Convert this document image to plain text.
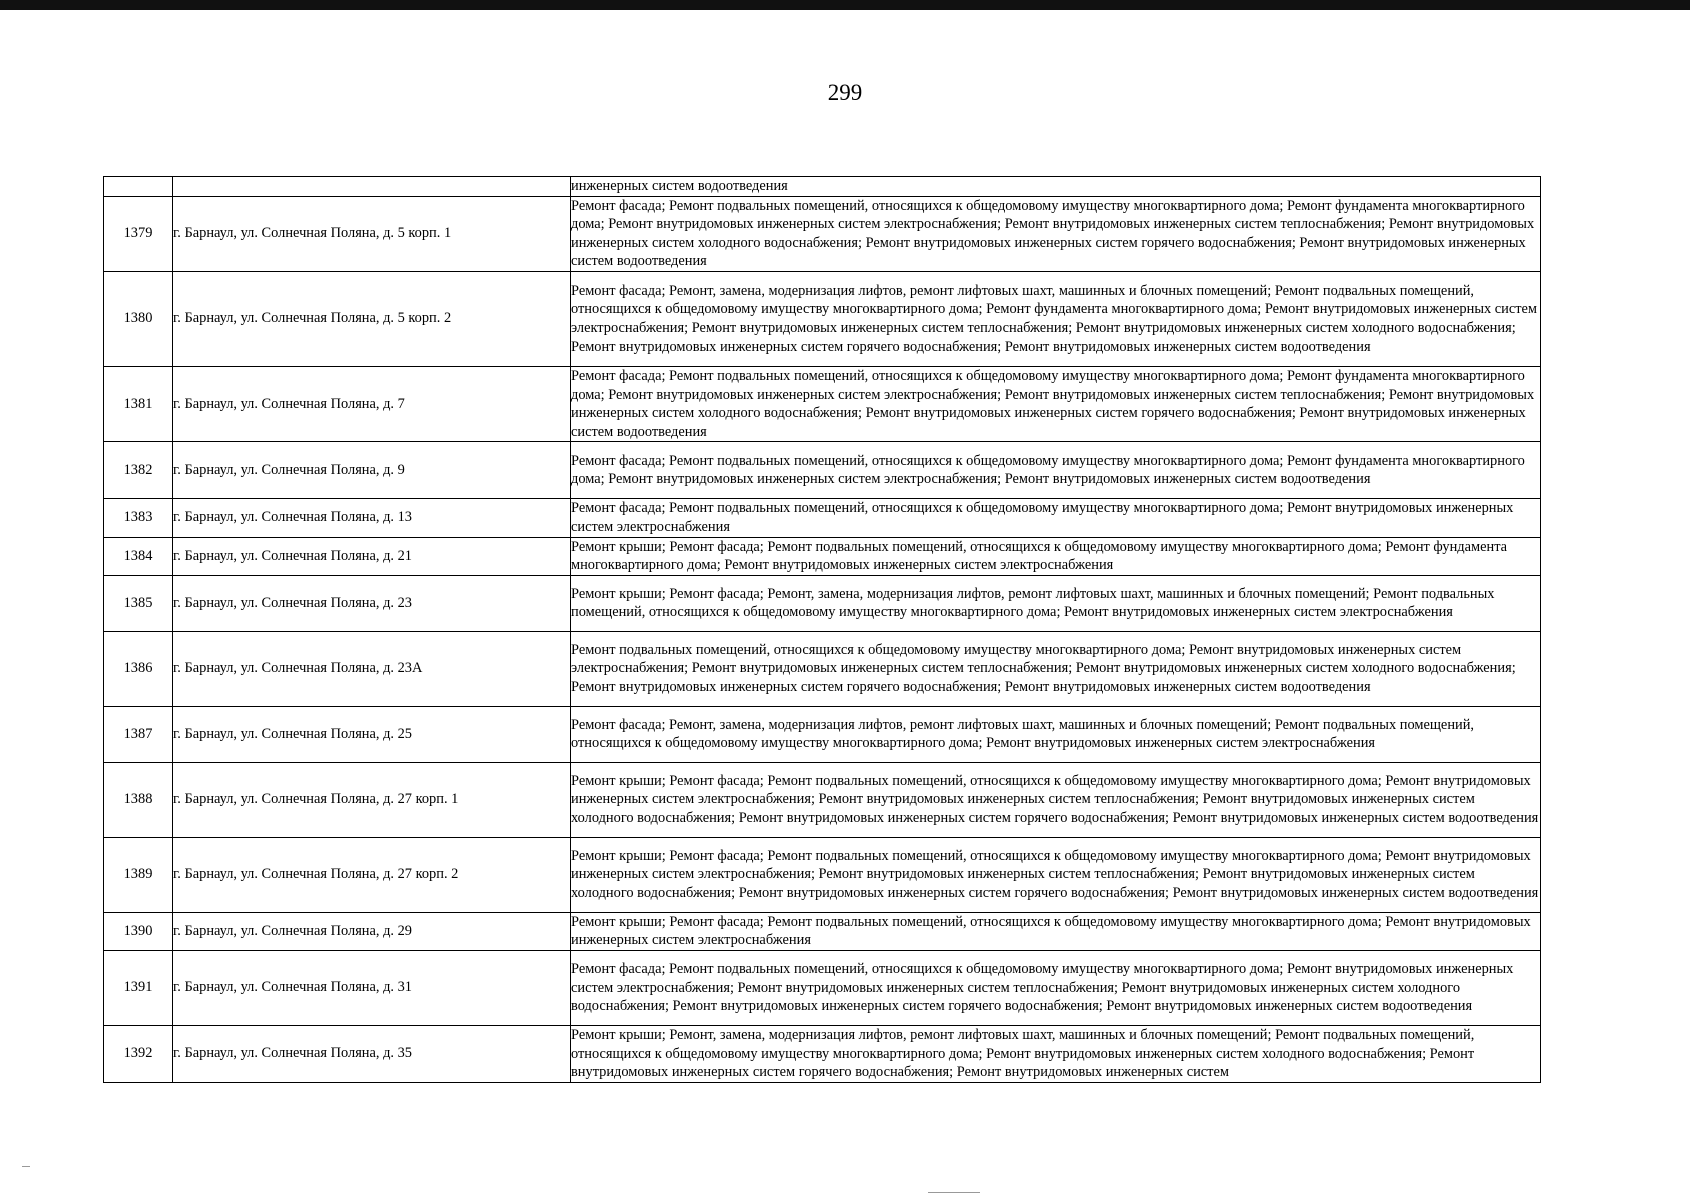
299
		инженерных систем водоотведения
1379	г. Барнаул, ул. Солнечная Поляна, д. 5 корп. 1	Ремонт фасада; Ремонт подвальных помещений, относящихся к общедомовому имуществу многоквартирного дома; Ремонт фундамента многоквартирного дома; Ремонт внутридомовых инженерных систем электроснабжения; Ремонт внутридомовых инженерных систем теплоснабжения; Ремонт внутридомовых инженерных систем холодного водоснабжения; Ремонт внутридомовых инженерных систем горячего водоснабжения; Ремонт внутридомовых инженерных систем водоотведения
1380	г. Барнаул, ул. Солнечная Поляна, д. 5 корп. 2	Ремонт фасада; Ремонт, замена, модернизация лифтов, ремонт лифтовых шахт, машинных и блочных помещений; Ремонт подвальных помещений, относящихся к общедомовому имуществу многоквартирного дома; Ремонт фундамента многоквартирного дома; Ремонт внутридомовых инженерных систем электроснабжения; Ремонт внутридомовых инженерных систем теплоснабжения; Ремонт внутридомовых инженерных систем холодного водоснабжения; Ремонт внутридомовых инженерных систем горячего водоснабжения; Ремонт внутридомовых инженерных систем водоотведения
1381	г. Барнаул, ул. Солнечная Поляна, д. 7	Ремонт фасада; Ремонт подвальных помещений, относящихся к общедомовому имуществу многоквартирного дома; Ремонт фундамента многоквартирного дома; Ремонт внутридомовых инженерных систем электроснабжения; Ремонт внутридомовых инженерных систем теплоснабжения; Ремонт внутридомовых инженерных систем холодного водоснабжения; Ремонт внутридомовых инженерных систем горячего водоснабжения; Ремонт внутридомовых инженерных систем водоотведения
1382	г. Барнаул, ул. Солнечная Поляна, д. 9	Ремонт фасада; Ремонт подвальных помещений, относящихся к общедомовому имуществу многоквартирного дома; Ремонт фундамента многоквартирного дома; Ремонт внутридомовых инженерных систем электроснабжения; Ремонт внутридомовых инженерных систем водоотведения
1383	г. Барнаул, ул. Солнечная Поляна, д. 13	Ремонт фасада; Ремонт подвальных помещений, относящихся к общедомовому имуществу многоквартирного дома; Ремонт внутридомовых инженерных систем электроснабжения
1384	г. Барнаул, ул. Солнечная Поляна, д. 21	Ремонт крыши; Ремонт фасада; Ремонт подвальных помещений, относящихся к общедомовому имуществу многоквартирного дома; Ремонт фундамента многоквартирного дома; Ремонт внутридомовых инженерных систем электроснабжения
1385	г. Барнаул, ул. Солнечная Поляна, д. 23	Ремонт крыши; Ремонт фасада; Ремонт, замена, модернизация лифтов, ремонт лифтовых шахт, машинных и блочных помещений; Ремонт подвальных помещений, относящихся к общедомовому имуществу многоквартирного дома; Ремонт внутридомовых инженерных систем электроснабжения
1386	г. Барнаул, ул. Солнечная Поляна, д. 23А	Ремонт подвальных помещений, относящихся к общедомовому имуществу многоквартирного дома; Ремонт внутридомовых инженерных систем электроснабжения; Ремонт внутридомовых инженерных систем теплоснабжения; Ремонт внутридомовых инженерных систем холодного водоснабжения; Ремонт внутридомовых инженерных систем горячего водоснабжения; Ремонт внутридомовых инженерных систем водоотведения
1387	г. Барнаул, ул. Солнечная Поляна, д. 25	Ремонт фасада; Ремонт, замена, модернизация лифтов, ремонт лифтовых шахт, машинных и блочных помещений; Ремонт подвальных помещений, относящихся к общедомовому имуществу многоквартирного дома; Ремонт внутридомовых инженерных систем электроснабжения
1388	г. Барнаул, ул. Солнечная Поляна, д. 27 корп. 1	Ремонт крыши; Ремонт фасада; Ремонт подвальных помещений, относящихся к общедомовому имуществу многоквартирного дома; Ремонт внутридомовых инженерных систем электроснабжения; Ремонт внутридомовых инженерных систем теплоснабжения; Ремонт внутридомовых инженерных систем холодного водоснабжения; Ремонт внутридомовых инженерных систем горячего водоснабжения; Ремонт внутридомовых инженерных систем водоотведения
1389	г. Барнаул, ул. Солнечная Поляна, д. 27 корп. 2	Ремонт крыши; Ремонт фасада; Ремонт подвальных помещений, относящихся к общедомовому имуществу многоквартирного дома; Ремонт внутридомовых инженерных систем электроснабжения; Ремонт внутридомовых инженерных систем теплоснабжения; Ремонт внутридомовых инженерных систем холодного водоснабжения; Ремонт внутридомовых инженерных систем горячего водоснабжения; Ремонт внутридомовых инженерных систем водоотведения
1390	г. Барнаул, ул. Солнечная Поляна, д. 29	Ремонт крыши; Ремонт фасада; Ремонт подвальных помещений, относящихся к общедомовому имуществу многоквартирного дома; Ремонт внутридомовых инженерных систем электроснабжения
1391	г. Барнаул, ул. Солнечная Поляна, д. 31	Ремонт фасада; Ремонт подвальных помещений, относящихся к общедомовому имуществу многоквартирного дома; Ремонт внутридомовых инженерных систем электроснабжения; Ремонт внутридомовых инженерных систем теплоснабжения; Ремонт внутридомовых инженерных систем холодного водоснабжения; Ремонт внутридомовых инженерных систем горячего водоснабжения; Ремонт внутридомовых инженерных систем водоотведения
1392	г. Барнаул, ул. Солнечная Поляна, д. 35	Ремонт крыши; Ремонт, замена, модернизация лифтов, ремонт лифтовых шахт, машинных и блочных помещений; Ремонт подвальных помещений, относящихся к общедомовому имуществу многоквартирного дома; Ремонт внутридомовых инженерных систем холодного водоснабжения; Ремонт внутридомовых инженерных систем горячего водоснабжения; Ремонт внутридомовых инженерных систем
